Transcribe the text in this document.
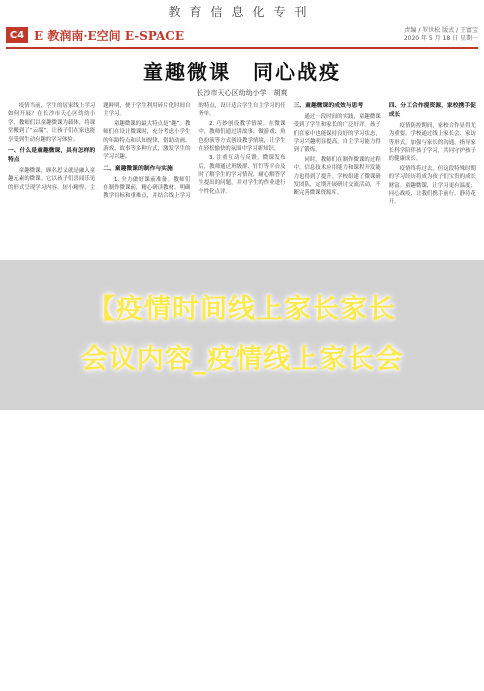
教育信息化专刊
C4 E 教润南·E空间 E-SPACE	责编 / 罗世松 版式 / 王富宝
2020 年 5 月 18 日 星期一
童趣微课　同心战疫
长沙市天心区幼幼小学　胡爽

疫情当前，学生的居家线上学习如何开展？在长沙市天心区幼幼小学，教师们以童趣微课为载体，将课堂搬到了“云端”，让孩子们在家也能享受到生动有趣的学习体验。

一、什么是童趣微课，具有怎样的特点

童趣微课，顾名思义就是融入童趣元素的微课。它以孩子们喜闻乐见的形式呈现学习内容，短小精悍、主题鲜明，便于学生利用碎片化时间自主学习。

童趣微课的最大特点是“趣”。教师们在设计微课时，充分考虑小学生的年龄特点和认知规律，借助动画、游戏、故事等多种方式，激发学生的学习兴趣。

二、童趣微课的制作与实施

1. 全力做好课前准备。教师们在制作微课前，精心研读教材，明确教学目标和重难点，并结合线上学习的特点，设计适合学生自主学习的任务单。

2. 巧妙创设教学情境。在微课中，教师们通过讲故事、做游戏、角色扮演等方式创设教学情境，让学生在轻松愉快的氛围中学习新知识。

3. 注重互动与反馈。微课发布后，教师通过班级群、钉钉等平台及时了解学生的学习情况，耐心解答学生提出的问题，并对学生的作业进行个性化点评。

三、童趣微课的成效与思考

通过一段时间的实践，童趣微课受到了学生和家长的广泛好评。孩子们在家中也能保持良好的学习状态，学习兴趣明显提高，自主学习能力得到了锻炼。

同时，教师们在制作微课的过程中，信息技术应用能力和课程开发能力也得到了提升。学校组建了微课研发团队，定期开展研讨交流活动，不断完善微课资源库。

四、分工合作提资源，家校携手促成长

疫情防控期间，家校合作显得尤为重要。学校通过线上家长会、家访等形式，加强与家长的沟通，指导家长科学陪伴孩子学习，共同守护孩子的健康成长。

疫情终将过去，但这段特殊时期的学习经历将成为孩子们宝贵的成长财富。童趣微课，让学习更有温度；同心战疫，让我们携手前行，静待花开。

【疫情时间线上家长家长
会议内容_疫情线上家长会
